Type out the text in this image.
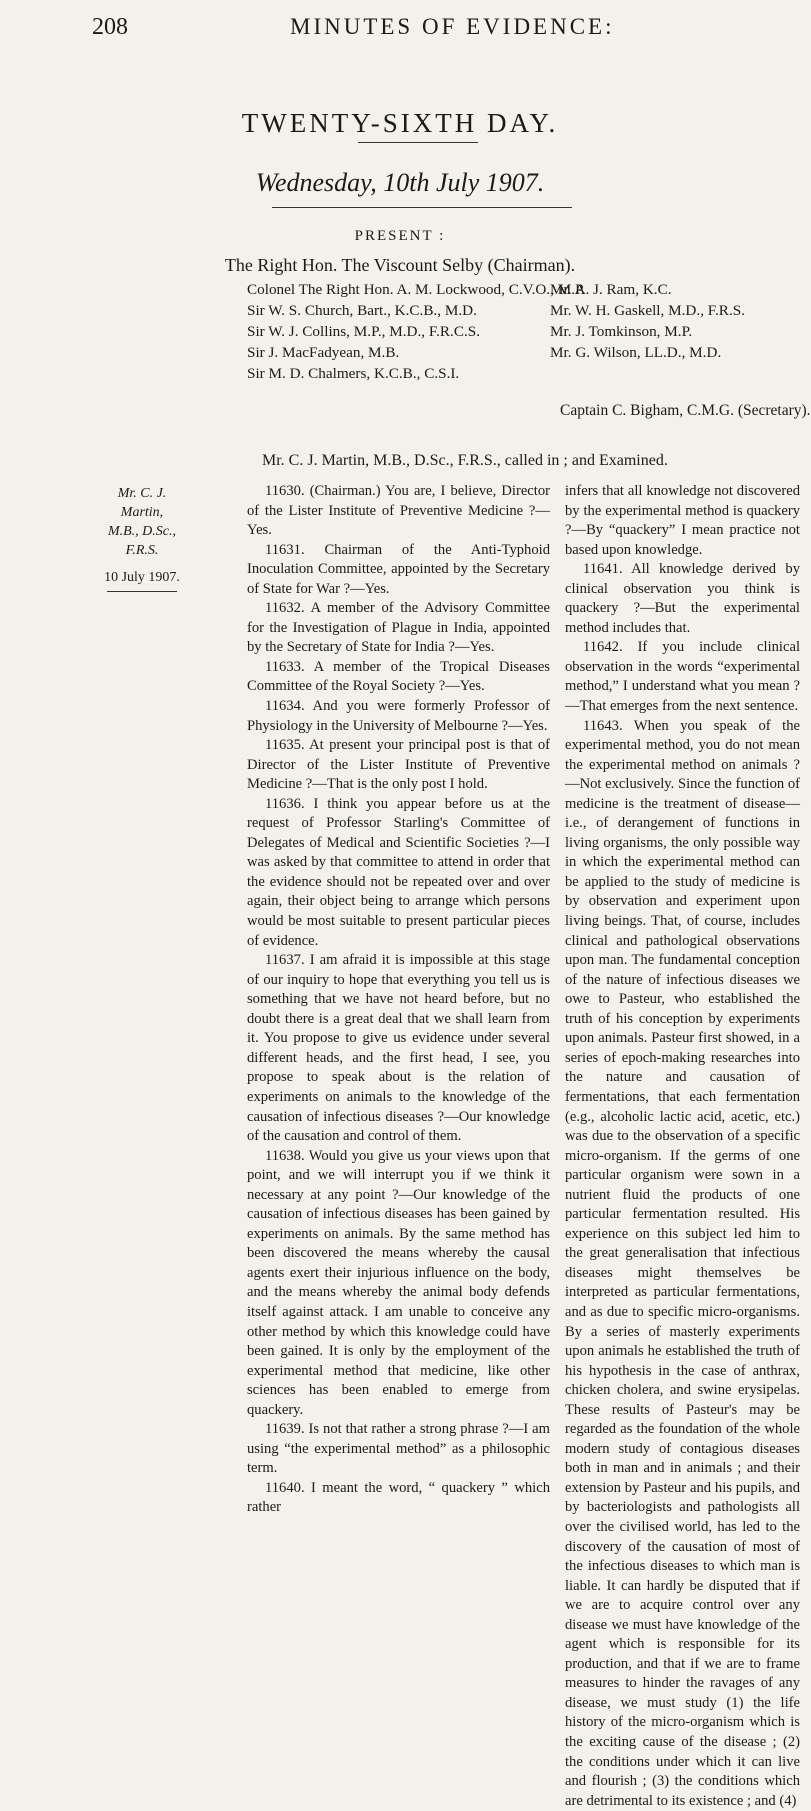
208	MINUTES OF EVIDENCE:
TWENTY-SIXTH DAY.
Wednesday, 10th July 1907.
PRESENT :
The Right Hon. The Viscount Selby (Chairman).
Colonel The Right Hon. A. M. Lockwood, C.V.O., M.P.
Sir W. S. Church, Bart., K.C.B., M.D.
Sir W. J. Collins, M.P., M.D., F.R.C.S.
Sir J. MacFadyean, M.B.
Sir M. D. Chalmers, K.C.B., C.S.I.
Mr. A. J. Ram, K.C.
Mr. W. H. Gaskell, M.D., F.R.S.
Mr. J. Tomkinson, M.P.
Mr. G. Wilson, LL.D., M.D.
Captain C. Bigham, C.M.G. (Secretary).
Mr. C. J. Martin, M.B., D.Sc., F.R.S., called in ; and Examined.
Mr. C. J.
Martin,
M.B., D.Sc.,
F.R.S.
10 July 1907.

11630. (Chairman.) You are, I believe, Director of the Lister Institute of Preventive Medicine ?—Yes.

11631. Chairman of the Anti-Typhoid Inoculation Committee, appointed by the Secretary of State for War ?—Yes.

11632. A member of the Advisory Committee for the Investigation of Plague in India, appointed by the Secretary of State for India ?—Yes.

11633. A member of the Tropical Diseases Committee of the Royal Society ?—Yes.

11634. And you were formerly Professor of Physiology in the University of Melbourne ?—Yes.

11635. At present your principal post is that of Director of the Lister Institute of Preventive Medicine ?—That is the only post I hold.

11636. I think you appear before us at the request of Professor Starling's Committee of Delegates of Medical and Scientific Societies ?—I was asked by that committee to attend in order that the evidence should not be repeated over and over again, their object being to arrange which persons would be most suitable to present particular pieces of evidence.

11637. I am afraid it is impossible at this stage of our inquiry to hope that everything you tell us is something that we have not heard before, but no doubt there is a great deal that we shall learn from it. You propose to give us evidence under several different heads, and the first head, I see, you propose to speak about is the relation of experiments on animals to the knowledge of the causation of infectious diseases ?—Our knowledge of the causation and control of them.

11638. Would you give us your views upon that point, and we will interrupt you if we think it necessary at any point ?—Our knowledge of the causation of infectious diseases has been gained by experiments on animals. By the same method has been discovered the means whereby the causal agents exert their injurious influence on the body, and the means whereby the animal body defends itself against attack. I am unable to conceive any other method by which this knowledge could have been gained. It is only by the employment of the experimental method that medicine, like other sciences has been enabled to emerge from quackery.

11639. Is not that rather a strong phrase ?—I am using “the experimental method” as a philosophic term.

11640. I meant the word, “ quackery ” which rather

infers that all knowledge not discovered by the experimental method is quackery ?—By “quackery” I mean practice not based upon knowledge.

11641. All knowledge derived by clinical observation you think is quackery ?—But the experimental method includes that.

11642. If you include clinical observation in the words “experimental method,” I understand what you mean ?—That emerges from the next sentence.

11643. When you speak of the experimental method, you do not mean the experimental method on animals ?—Not exclusively. Since the function of medicine is the treatment of disease—i.e., of derangement of functions in living organisms, the only possible way in which the experimental method can be applied to the study of medicine is by observation and experiment upon living beings. That, of course, includes clinical and pathological observations upon man. The fundamental conception of the nature of infectious diseases we owe to Pasteur, who established the truth of his conception by experiments upon animals. Pasteur first showed, in a series of epoch-making researches into the nature and causation of fermentations, that each fermentation (e.g., alcoholic lactic acid, acetic, etc.) was due to the observation of a specific micro-organism. If the germs of one particular organism were sown in a nutrient fluid the products of one particular fermentation resulted. His experience on this subject led him to the great generalisation that infectious diseases might themselves be interpreted as particular fermentations, and as due to specific micro-organisms. By a series of masterly experiments upon animals he established the truth of his hypothesis in the case of anthrax, chicken cholera, and swine erysipelas. These results of Pasteur's may be regarded as the foundation of the whole modern study of contagious diseases both in man and in animals ; and their extension by Pasteur and his pupils, and by bacteriologists and pathologists all over the civilised world, has led to the discovery of the causation of most of the infectious diseases to which man is liable. It can hardly be disputed that if we are to acquire control over any disease we must have knowledge of the agent which is responsible for its production, and that if we are to frame measures to hinder the ravages of any disease, we must study (1) the life history of the micro-organism which is the exciting cause of the disease ; (2) the conditions under which it can live and flourish ; (3) the conditions which are detrimental to its existence ; and (4)
